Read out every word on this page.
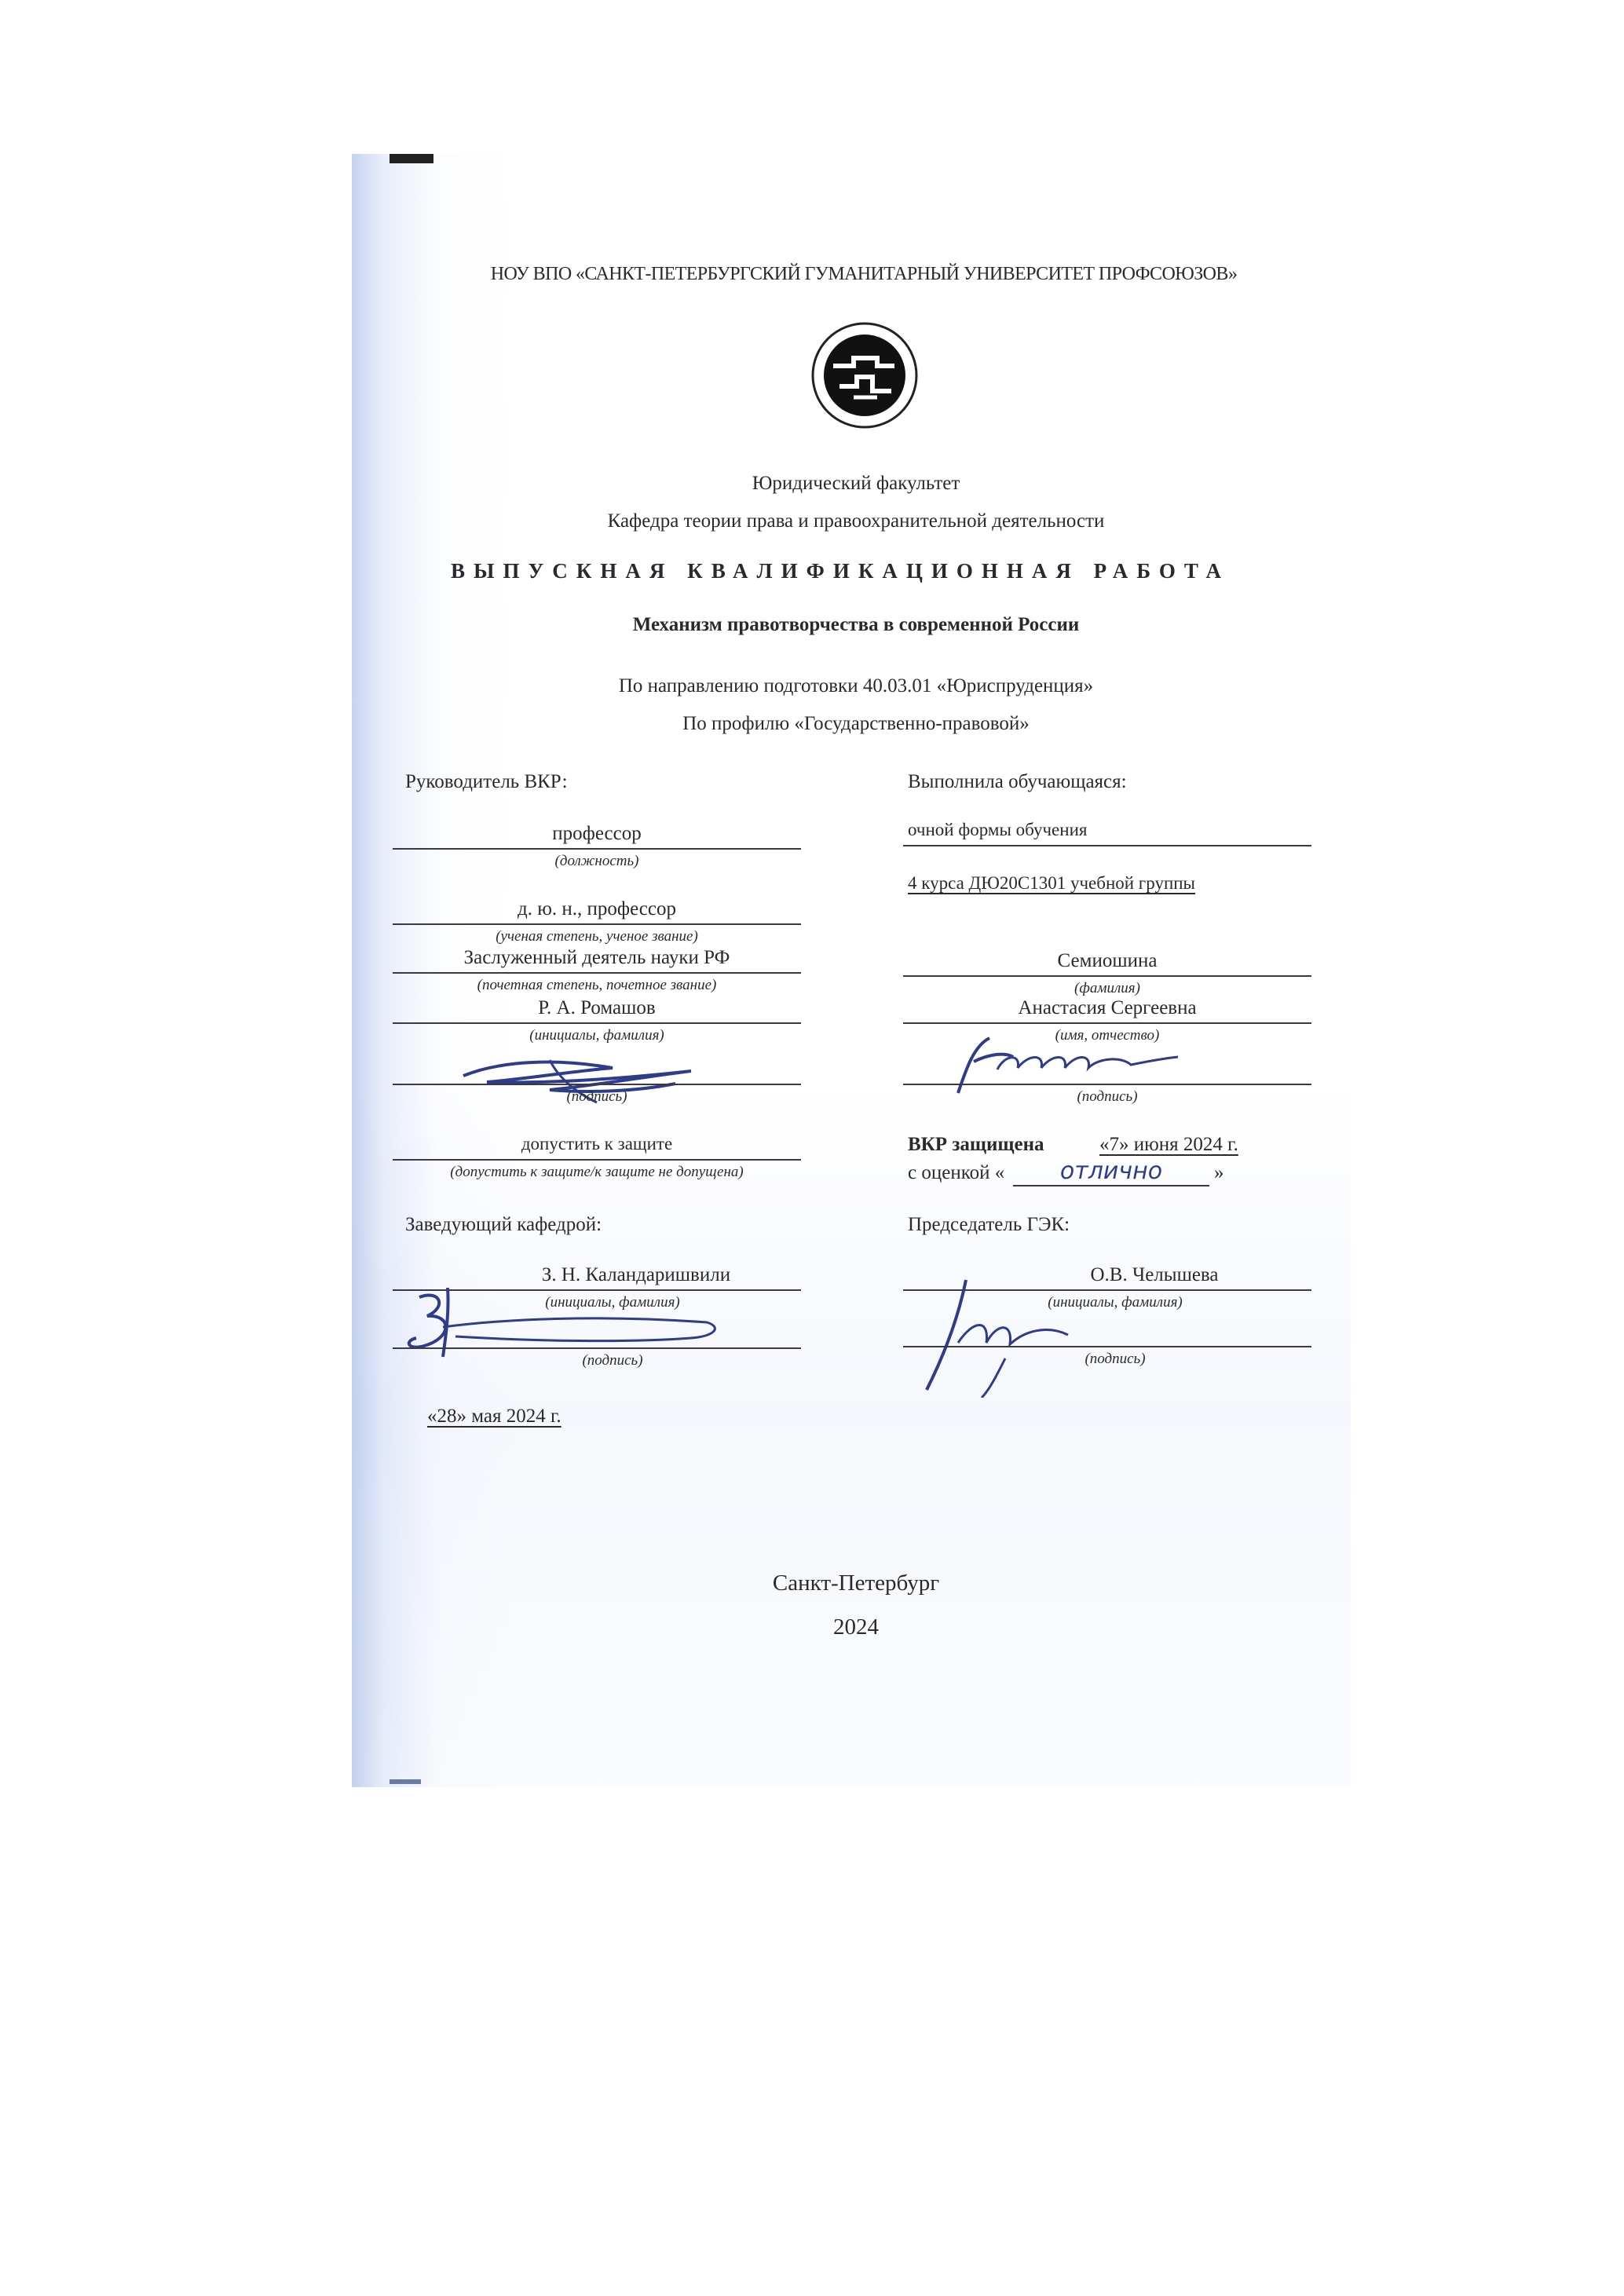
НОУ ВПО «САНКТ-ПЕТЕРБУРГСКИЙ ГУМАНИТАРНЫЙ УНИВЕРСИТЕТ ПРОФСОЮЗОВ»
Юридический факультет
Кафедра теории права и правоохранительной деятельности
ВЫПУСКНАЯ КВАЛИФИКАЦИОННАЯ РАБОТА
Механизм правотворчества в современной России
По направлению подготовки 40.03.01 «Юриспруденция»
По профилю «Государственно-правовой»
Руководитель ВКР:
профессор
(должность)
д. ю. н., профессор
(ученая степень, ученое звание)
Заслуженный деятель науки РФ
(почетная степень, почетное звание)
Р. А. Ромашов
(инициалы, фамилия)
(подпись)
допустить к защите
(допустить к защите/к защите не допущена)
Заведующий кафедрой:
З. Н. Каландаришвили
(инициалы, фамилия)
(подпись)
«28» мая 2024 г.
Выполнила обучающаяся:
очной формы обучения
4 курса ДЮ20С1301 учебной группы
Семиошина
(фамилия)
Анастасия Сергеевна
(имя, отчество)
(подпись)
ВКР защищена	«7» июня 2024 г.
с оценкой «	отлично	»
Председатель ГЭК:
О.В. Челышева
(инициалы, фамилия)
(подпись)
Санкт-Петербург
2024
